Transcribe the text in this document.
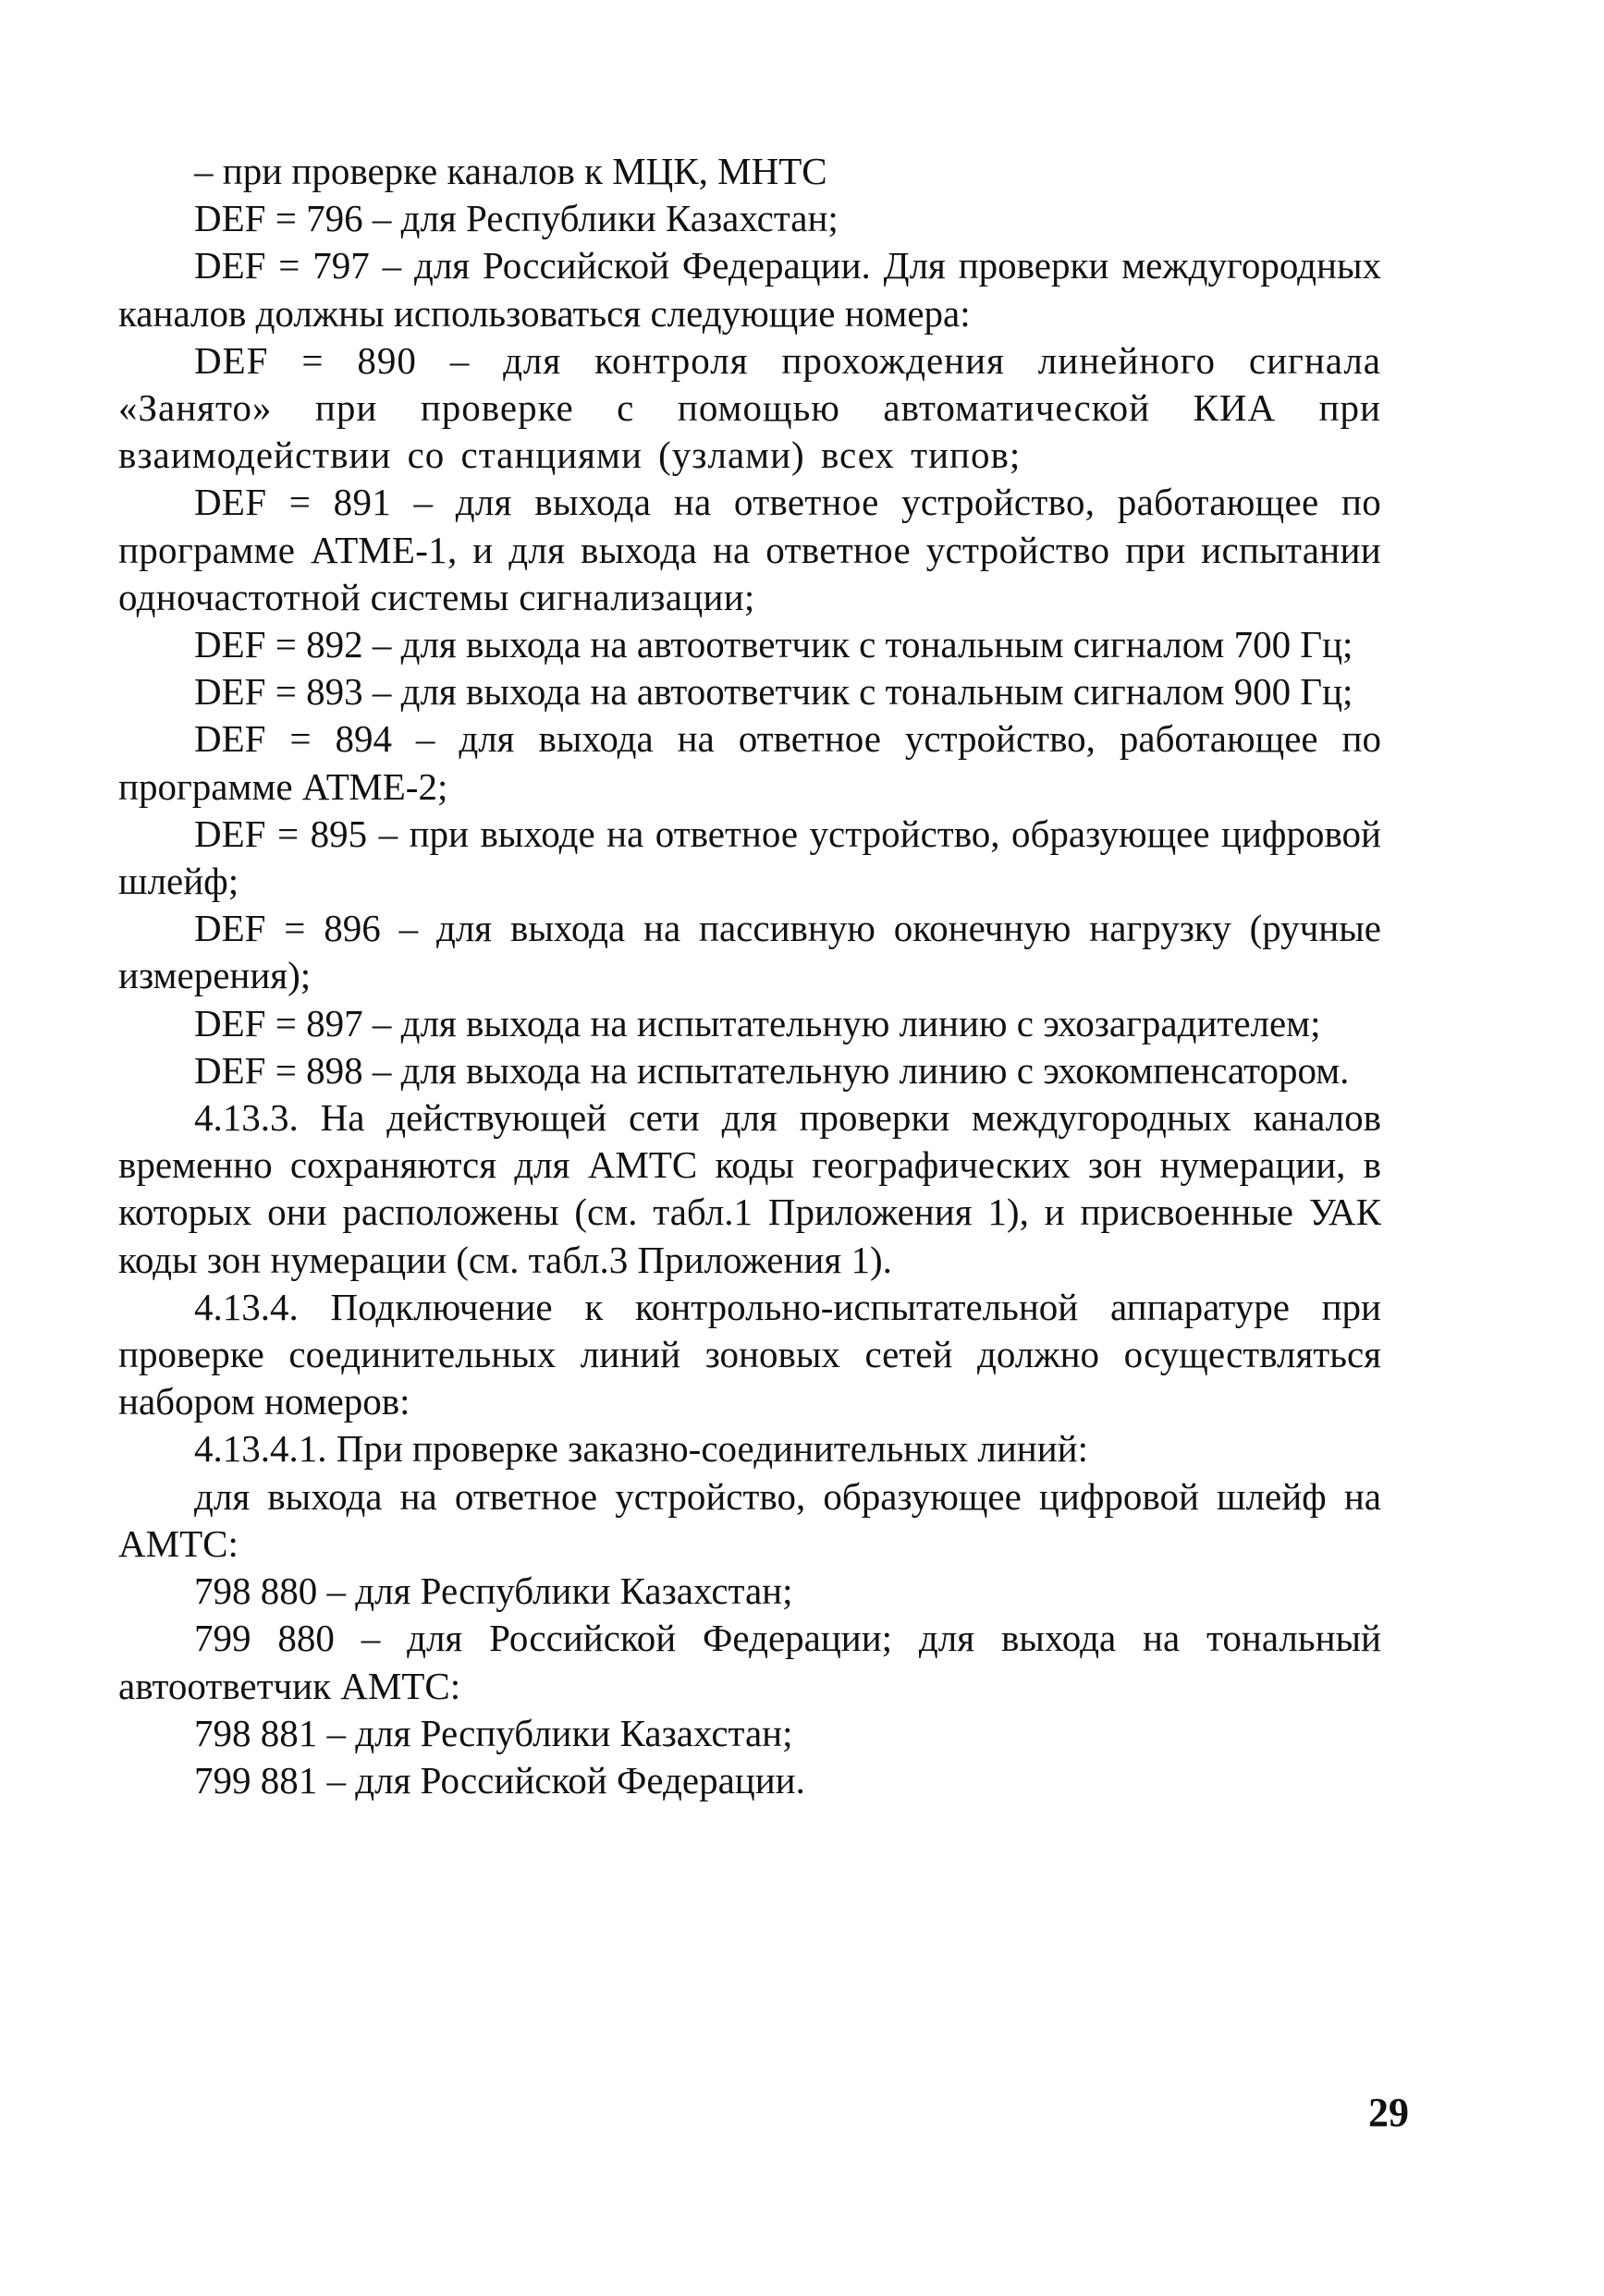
– при проверке каналов к МЦК, МНТС

DEF = 796 – для Республики Казахстан;

DEF = 797 – для Российской Федерации. Для проверки междугородных каналов должны использоваться следующие номера:

DEF = 890 – для контроля прохождения линейного сигнала «Занято» при проверке с помощью автоматической КИА при взаимодействии со станциями (узлами) всех типов;

DEF = 891 – для выхода на ответное устройство, работающее по программе АТМЕ-1, и для выхода на ответное устройство при испытании одночастотной системы сигнализации;

DEF = 892 – для выхода на автоответчик с тональным сигналом 700 Гц;

DEF = 893 – для выхода на автоответчик с тональным сигналом 900 Гц;

DEF = 894 – для выхода на ответное устройство, работающее по программе АТМЕ-2;

DEF = 895 – при выходе на ответное устройство, образующее цифровой шлейф;

DEF = 896 – для выхода на пассивную оконечную нагрузку (ручные измерения);

DEF = 897 – для выхода на испытательную линию с эхозаградителем;

DEF = 898 – для выхода на испытательную линию с эхокомпенсатором.

4.13.3. На действующей сети для проверки междугородных каналов временно сохраняются для АМТС коды географических зон нумерации, в которых они расположены (см. табл.1 Приложения 1), и присвоенные УАК коды зон нумерации (см. табл.3 Приложения 1).

4.13.4. Подключение к контрольно-испытательной аппаратуре при проверке соединительных линий зоновых сетей должно осуществляться набором номеров:

4.13.4.1. При проверке заказно-соединительных линий:

для выхода на ответное устройство, образующее цифровой шлейф на АМТС:

798 880 – для Республики Казахстан;

799 880 – для Российской Федерации; для выхода на тональный автоответчик АМТС:

798 881 – для Республики Казахстан;

799 881 – для Российской Федерации.

29
